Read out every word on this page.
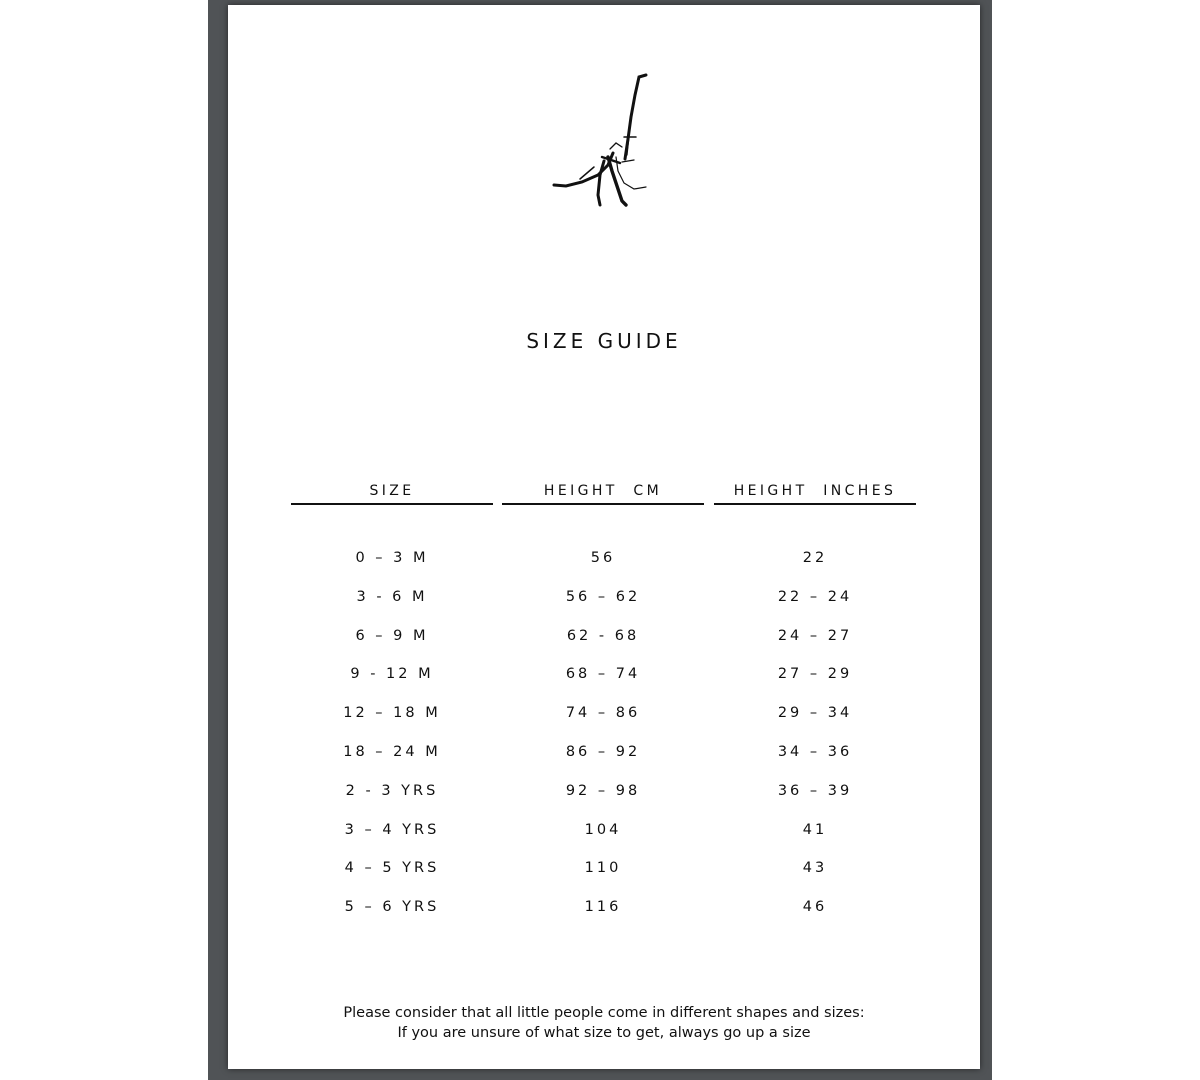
SIZE GUIDE
SIZE
0 – 3 M
3 - 6 M
6 – 9 M
9 - 12 M
12 – 18 M
18 – 24 M
2 - 3 YRS
3 – 4 YRS
4 – 5 YRS
5 – 6 YRS
HEIGHT  CM
56
56 – 62
62 - 68
68 – 74
74 – 86
86 – 92
92 – 98
104
110
116
HEIGHT  INCHES
22
22 – 24
24 – 27
27 – 29
29 – 34
34 – 36
36 – 39
41
43
46
Please consider that all little people come in different shapes and sizes:
If you are unsure of what size to get, always go up a size
